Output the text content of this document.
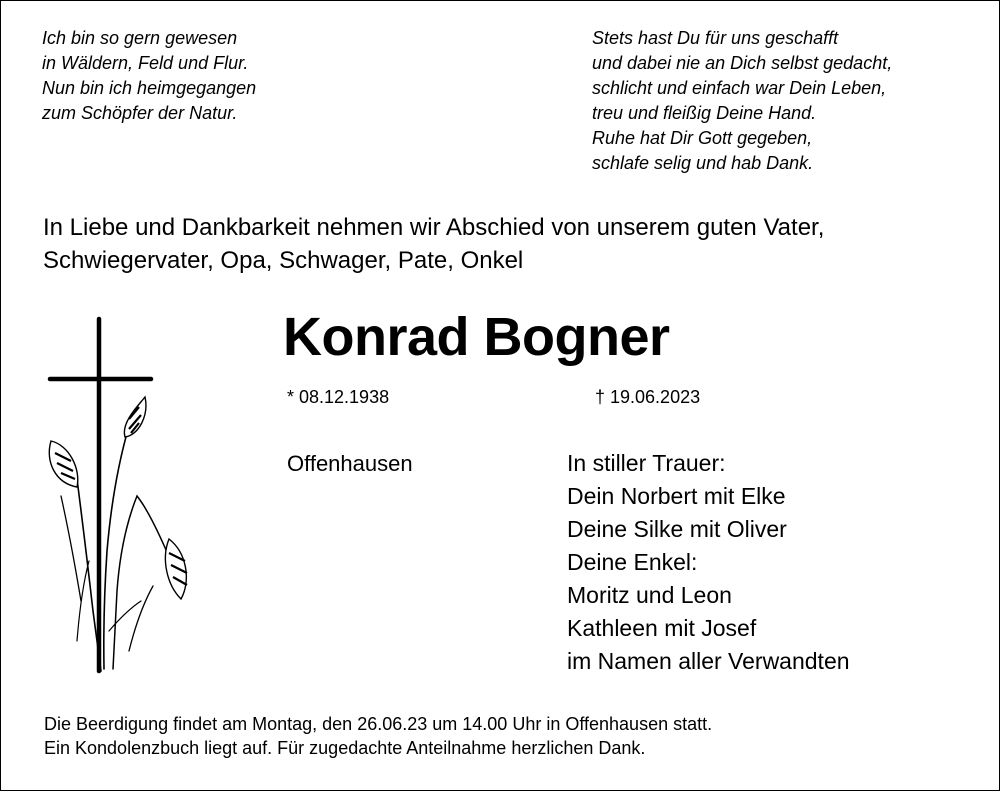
Ich bin so gern gewesen
in Wäldern, Feld und Flur.
Nun bin ich heimgegangen
zum Schöpfer der Natur.
Stets hast Du für uns geschafft
und dabei nie an Dich selbst gedacht,
schlicht und einfach war Dein Leben,
treu und fleißig Deine Hand.
Ruhe hat Dir Gott gegeben,
schlafe selig und hab Dank.
In Liebe und Dankbarkeit nehmen wir Abschied von unserem guten Vater,
Schwiegervater, Opa, Schwager, Pate, Onkel
Konrad Bogner
* 08.12.1938	† 19.06.2023
Offenhausen	In stiller Trauer:
Dein Norbert mit Elke
Deine Silke mit Oliver
Deine Enkel:
Moritz und Leon
Kathleen mit Josef
im Namen aller Verwandten
Die Beerdigung findet am Montag, den 26.06.23 um 14.00 Uhr in Offenhausen statt.
Ein Kondolenzbuch liegt auf. Für zugedachte Anteilnahme herzlichen Dank.
